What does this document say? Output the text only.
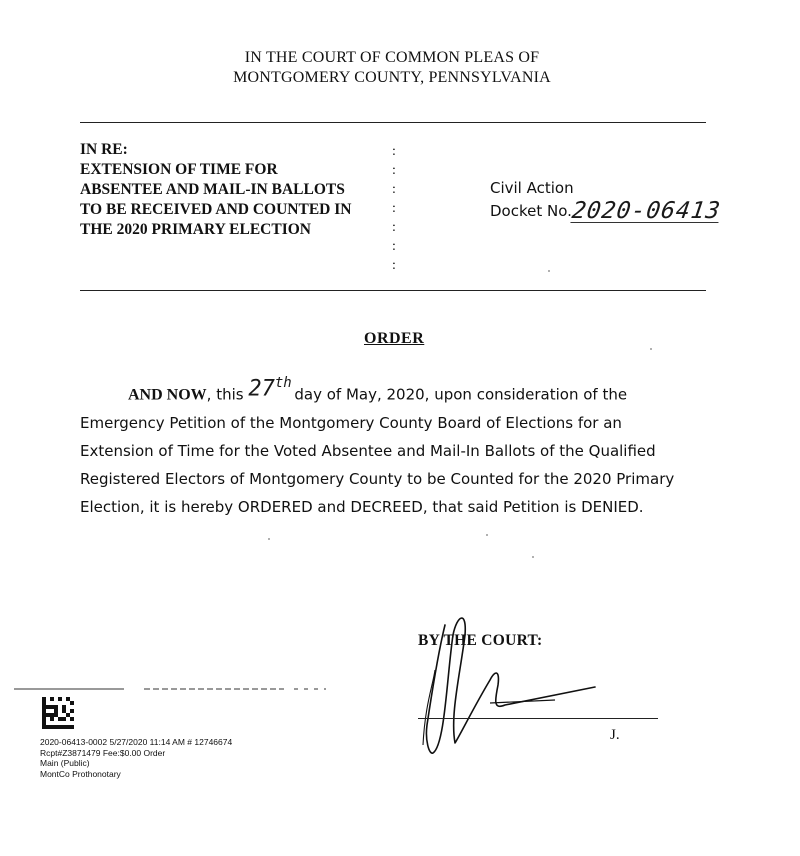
IN THE COURT OF COMMON PLEAS OF
MONTGOMERY COUNTY, PENNSYLVANIA
IN RE:
EXTENSION OF TIME FOR
ABSENTEE AND MAIL-IN BALLOTS
TO BE RECEIVED AND COUNTED IN
THE 2020 PRIMARY ELECTION
:
:
:
:
:
:
:
Civil Action
Docket No.2020-06413
ORDER
AND NOW, this 27thday of May, 2020, upon consideration of the
Emergency Petition of the Montgomery County Board of Elections for an
Extension of Time for the Voted Absentee and Mail-In Ballots of the Qualified
Registered Electors of Montgomery County to be Counted for the 2020 Primary
Election, it is hereby ORDERED and DECREED, that said Petition is DENIED.
BY THE COURT:
J.
2020-06413-0002 5/27/2020 11:14 AM # 12746674
Rcpt#Z3871479 Fee:$0.00 Order
Main (Public)
MontCo Prothonotary
